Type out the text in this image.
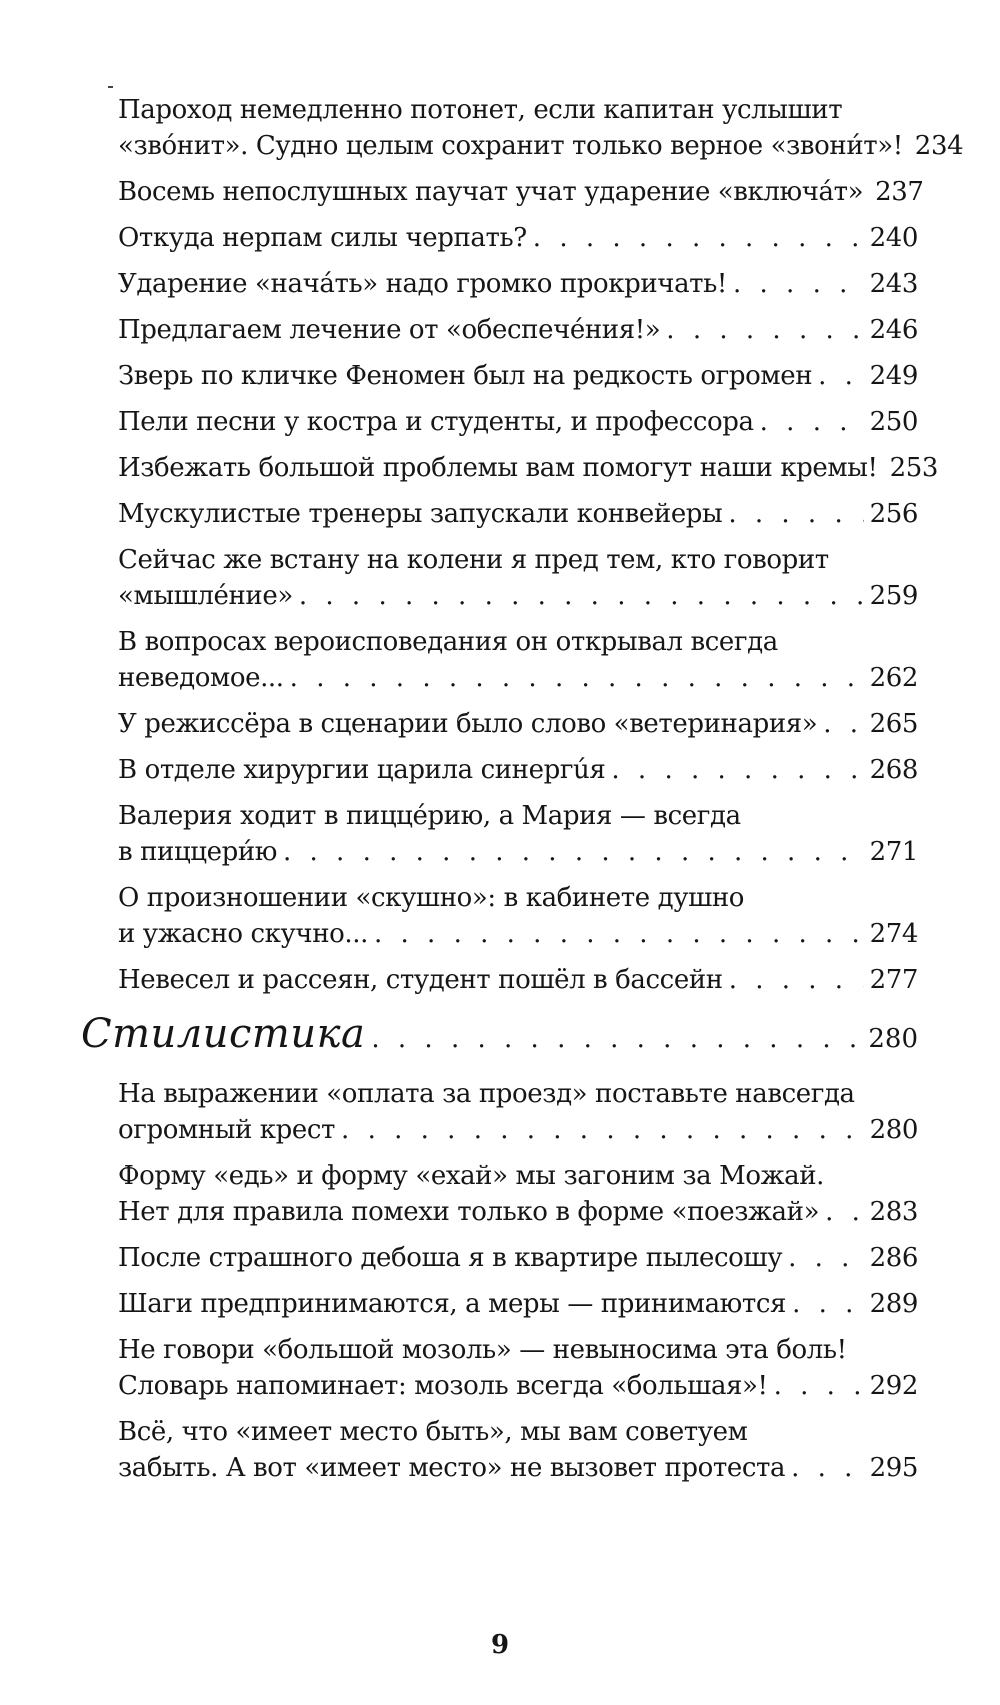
Пароход немедленно потонет, если капитан услышит
«звóнит». Судно целым сохранит только верное «звони́т»! 234
Восемь непослушных паучат учат ударение «включáт» 237
Откуда нерпам силы черпать? . . .	240
Ударение «начáть» надо громко прокричать! . . .	243
Предлагаем лечение от «обеспечéния!» . . .	246
Зверь по кличке Феномен был на редкость огромен . . . 249
Пели песни у костра и студенты, и профессора . . .	250
Избежать большой проблемы вам помогут наши кремы! 253
Мускулистые тренеры запускали конвейеры . . .	256
Сейчас же встану на колени я пред тем, кто говорит
«мышлéние» . . .	259
В вопросах вероисповедания он открывал всегда
неведомое... . . .	262
У режиссёра в сценарии было слово «ветеринария» . . . 265
В отделе хирургии царила синергúя . . .	268
Валерия ходит в пиццéрию, а Мария — всегда
в пиццери́ю . . .	271
О произношении «скушно»: в кабинете душно
и ужасно скучно... . . .	274
Невесел и рассеян, студент пошёл в бассейн . . .	277
Стилистика . . .	280
На выражении «оплата за проезд» поставьте навсегда
огромный крест . . .	280
Форму «едь» и форму «ехай» мы загоним за Можай.
Нет для правила помехи только в форме «поезжай» . . . 283
После страшного дебоша я в квартире пылесошу . . .	286
Шаги предпринимаются, а меры — принимаются . . .	289
Не говори «большой мозоль» — невыносима эта боль!
Словарь напоминает: мозоль всегда «большая»! . . .	292
Всё, что «имеет место быть», мы вам советуем
забыть. А вот «имеет место» не вызовет протеста . . .	295
9
